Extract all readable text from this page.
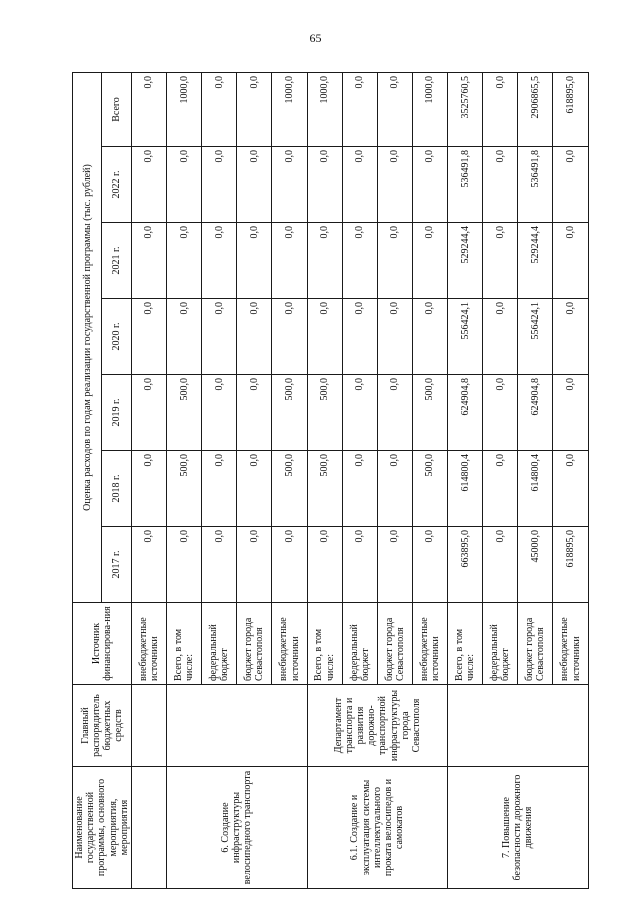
65
Наименование государственной программы, основного мероприятия, мероприятия	Главный распорядитель бюджетных средств	Источник финансирова-ния	Оценка расходов по годам реализации государственной программы (тыс. рублей)						
			2017 г.	2018 г.	2019 г.	2020 г.	2021 г.	2022 г.	Всего
		внебюджетные источники	0,0	0,0	0,0	0,0	0,0	0,0	0,0
6. Создание инфраструктуры велосипедного транспорта		Всего, в том числе:	0,0	500,0	500,0	0,0	0,0	0,0	1000,0
		федеральный бюджет	0,0	0,0	0,0	0,0	0,0	0,0	0,0
		бюджет города Севастополя	0,0	0,0	0,0	0,0	0,0	0,0	0,0
		внебюджетные источники	0,0	500,0	500,0	0,0	0,0	0,0	1000,0
6.1. Создание и эксплуатация системы интеллектуального проката велосипедов и самокатов	Департамент транспорта и развития дорожно-транспортной инфраструктуры города Севастополя	Всего, в том числе:	0,0	500,0	500,0	0,0	0,0	0,0	1000,0
		федеральный бюджет	0,0	0,0	0,0	0,0	0,0	0,0	0,0
		бюджет города Севастополя	0,0	0,0	0,0	0,0	0,0	0,0	0,0
		внебюджетные источники	0,0	500,0	500,0	0,0	0,0	0,0	1000,0
7. Повышение безопасности дорожного движения		Всего, в том числе:	663895,0	614800,4	624904,8	556424,1	529244,4	536491,8	3525760,5
		федеральный бюджет	0,0	0,0	0,0	0,0	0,0	0,0	0,0
		бюджет города Севастополя	45000,0	614800,4	624904,8	556424,1	529244,4	536491,8	2906865,5
		внебюджетные источники	618895,0	0,0	0,0	0,0	0,0	0,0	618895,0
